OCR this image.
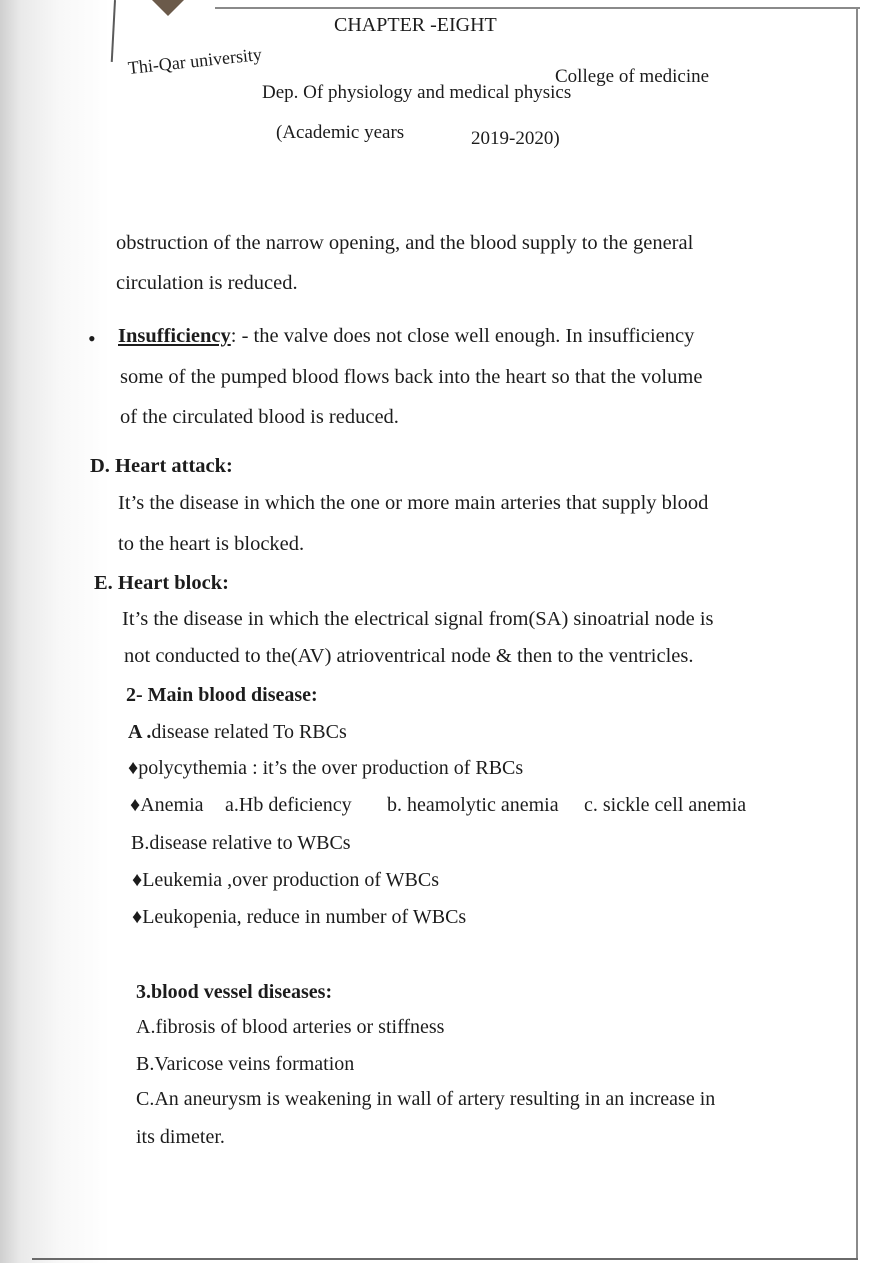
CHAPTER -EIGHT
Thi-Qar university	College of medicine
Dep. Of physiology and medical physics
(Academic years	2019-2020)
obstruction of the narrow opening, and the blood supply to the general
circulation is reduced.
• Insufficiency: - the valve does not close well enough. In insufficiency
some of the pumped blood flows back into the heart so that the volume
of the circulated blood is reduced.
D. Heart attack:
It’s the disease in which the one or more main arteries that supply blood
to the heart is blocked.
E. Heart block:
It’s the disease in which the electrical signal from(SA) sinoatrial node is
not conducted to the(AV) atrioventrical node & then to the ventricles.
2- Main blood disease:
A .disease related To RBCs
♦polycythemia : it’s the over production of RBCs
♦Anemia a.Hb deficiency b. heamolytic anemia c. sickle cell anemia
B.disease relative to WBCs
♦Leukemia ,over production of WBCs
♦Leukopenia, reduce in number of WBCs
3.blood vessel diseases:
A.fibrosis of blood arteries or stiffness
B.Varicose veins formation
C.An aneurysm is weakening in wall of artery resulting in an increase in
its dimeter.
